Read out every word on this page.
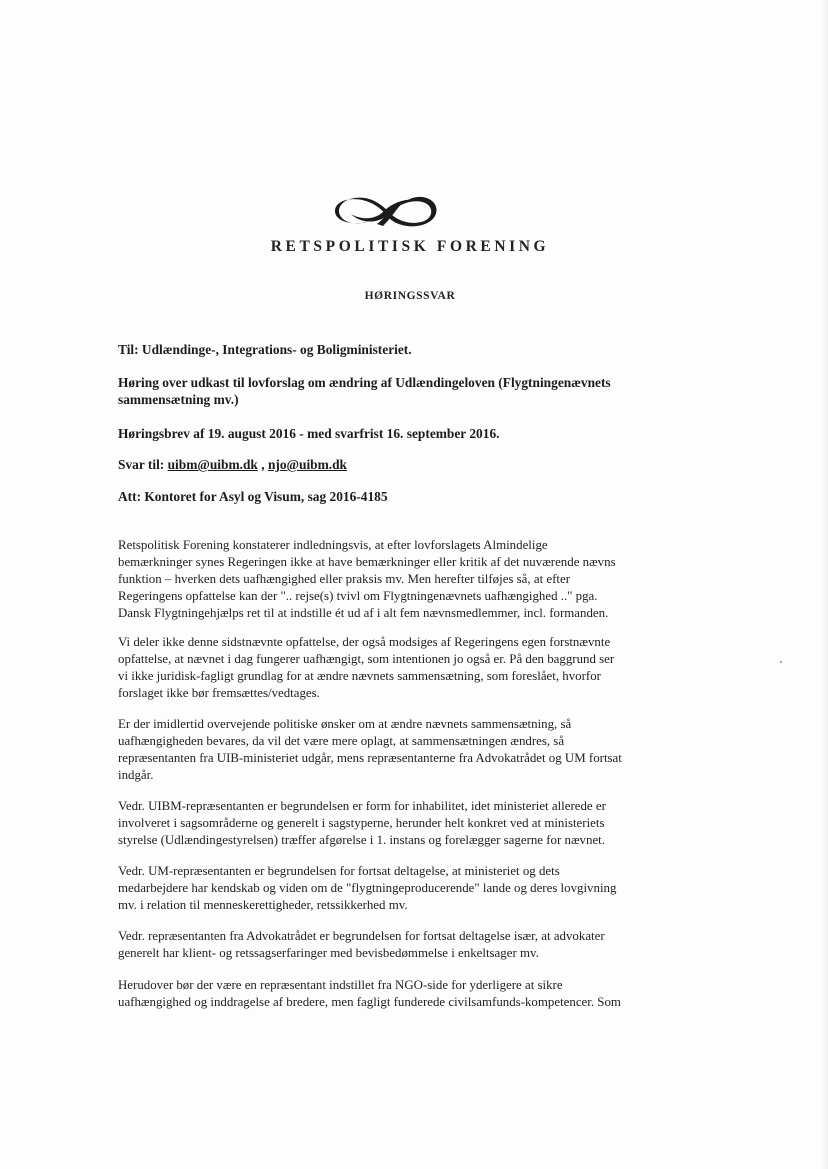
RETSPOLITISK FORENING
HØRINGSSVAR
Til: Udlændinge-, Integrations- og Boligministeriet.
Høring over udkast til lovforslag om ændring af Udlændingeloven (Flygtningenævnets
sammensætning mv.)
Høringsbrev af 19. august 2016 - med svarfrist 16. september 2016.
Svar til: uibm@uibm.dk , njo@uibm.dk
Att: Kontoret for Asyl og Visum, sag 2016-4185
Retspolitisk Forening konstaterer indledningsvis, at efter lovforslagets Almindelige
bemærkninger synes Regeringen ikke at have bemærkninger eller kritik af det nuværende nævns
funktion – hverken dets uafhængighed eller praksis mv. Men herefter tilføjes så, at efter
Regeringens opfattelse kan der ".. rejse(s) tvivl om Flygtningenævnets uafhængighed .." pga.
Dansk Flygtningehjælps ret til at indstille ét ud af i alt fem nævnsmedlemmer, incl. formanden.
Vi deler ikke denne sidstnævnte opfattelse, der også modsiges af Regeringens egen forstnævnte
opfattelse, at nævnet i dag fungerer uafhængigt, som intentionen jo også er. På den baggrund ser
vi ikke juridisk-fagligt grundlag for at ændre nævnets sammensætning, som foreslået, hvorfor
forslaget ikke bør fremsættes/vedtages.
Er der imidlertid overvejende politiske ønsker om at ændre nævnets sammensætning, så
uafhængigheden bevares, da vil det være mere oplagt, at sammensætningen ændres, så
repræsentanten fra UIB-ministeriet udgår, mens repræsentanterne fra Advokatrådet og UM fortsat
indgår.
Vedr. UIBM-repræsentanten er begrundelsen er form for inhabilitet, idet ministeriet allerede er
involveret i sagsområderne og generelt i sagstyperne, herunder helt konkret ved at ministeriets
styrelse (Udlændingestyrelsen) træffer afgørelse i 1. instans og forelægger sagerne for nævnet.
Vedr. UM-repræsentanten er begrundelsen for fortsat deltagelse, at ministeriet og dets
medarbejdere har kendskab og viden om de "flygtningeproducerende" lande og deres lovgivning
mv. i relation til menneskerettigheder, retssikkerhed mv.
Vedr. repræsentanten fra Advokatrådet er begrundelsen for fortsat deltagelse især, at advokater
generelt har klient- og retssagserfaringer med bevisbedømmelse i enkeltsager mv.
Herudover bør der være en repræsentant indstillet fra NGO-side for yderligere at sikre
uafhængighed og inddragelse af bredere, men fagligt funderede civilsamfunds-kompetencer. Som
